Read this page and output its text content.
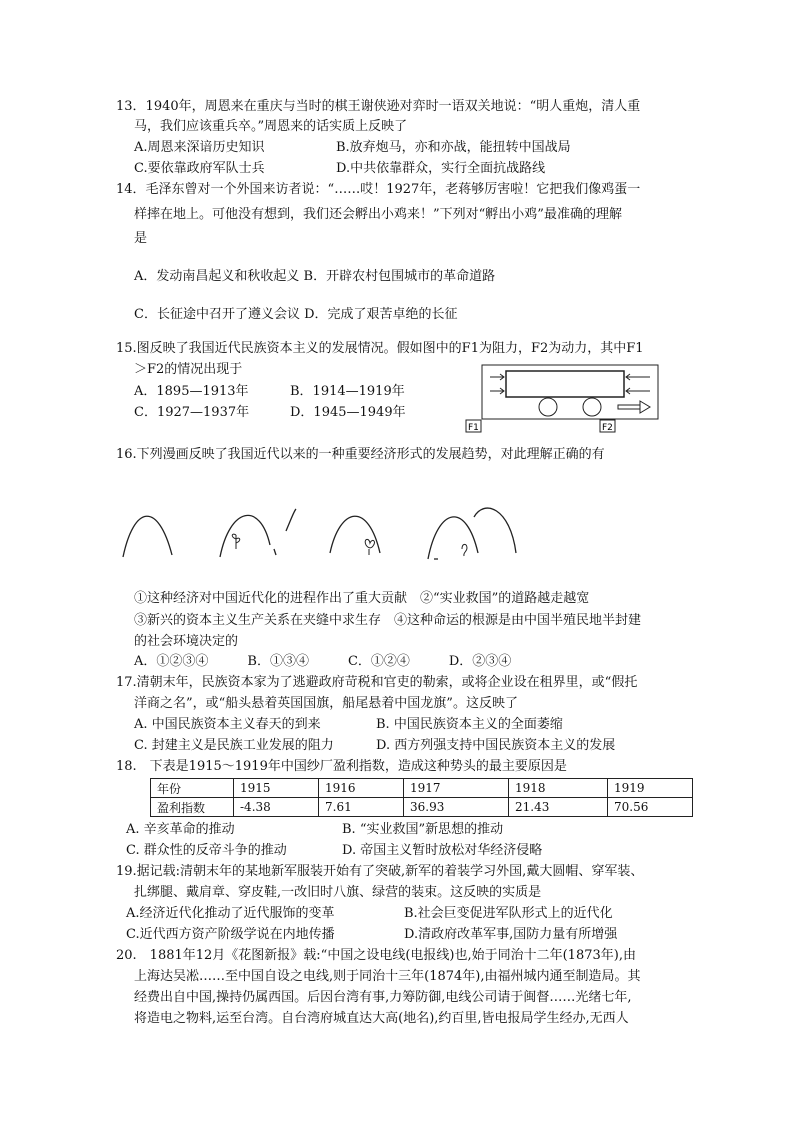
13．1940年，周恩来在重庆与当时的棋王谢侠逊对弈时一语双关地说：“明人重炮，清人重
马，我们应该重兵卒。”周恩来的话实质上反映了
A.周恩来深谙历史知识	B.放弃炮马，亦和亦战，能扭转中国战局
C.要依靠政府军队士兵	D.中共依靠群众，实行全面抗战路线
14．毛泽东曾对一个外国来访者说：“……哎！1927年，老蒋够厉害啦！它把我们像鸡蛋一
样摔在地上。可他没有想到，我们还会孵出小鸡来！”下列对“孵出小鸡”最准确的理解
是
A．发动南昌起义和秋收起义 B．开辟农村包围城市的革命道路
C．长征途中召开了遵义会议 D．完成了艰苦卓绝的长征
15.图反映了我国近代民族资本主义的发展情况。假如图中的F1为阻力，F2为动力，其中F1
＞F2的情况出现于
A．1895—1913年	B．1914—1919年
C．1927—1937年	D．1945—1949年
F1	F2
16.下列漫画反映了我国近代以来的一种重要经济形式的发展趋势，对此理解正确的有
①这种经济对中国近代化的进程作出了重大贡献　②“实业救国”的道路越走越宽
③新兴的资本主义生产关系在夹缝中求生存　④这种命运的根源是由中国半殖民地半封建
的社会环境决定的
A．①②③④　　　B．①③④　　　C．①②④　　　D．②③④
17.清朝末年，民族资本家为了逃避政府苛税和官吏的勒索，或将企业设在租界里，或“假托
洋商之名”，或“船头悬着英国国旗，船尾悬着中国龙旗”。这反映了
A. 中国民族资本主义春天的到来	B. 中国民族资本主义的全面萎缩
C. 封建主义是民族工业发展的阻力	D. 西方列强支持中国民族资本主义的发展
18.　下表是1915～1919年中国纱厂盈利指数，造成这种势头的最主要原因是
年份	1915	1916	1917	1918	1919
盈利指数	-4.38	7.61	36.93	21.43	70.56
A. 辛亥革命的推动	B. “实业救国”新思想的推动
C. 群众性的反帝斗争的推动	D. 帝国主义暂时放松对华经济侵略
19.据记载:清朝末年的某地新军服装开始有了突破,新军的着装学习外国,戴大圆帽、穿军装、
扎绑腿、戴肩章、穿皮鞋,一改旧时八旗、绿营的装束。这反映的实质是
A.经济近代化推动了近代服饰的变革	B.社会巨变促进军队形式上的近代化
C.近代西方资产阶级学说在内地传播	D.清政府改革军事,国防力量有所增强
20.　1881年12月《花图新报》载:“中国之设电线(电报线)也,始于同治十二年(1873年),由
上海达吴凇……至中国自设之电线,则于同治十三年(1874年),由福州城内通至制造局。其
经费出自中国,操持仍属西国。后因台湾有事,力筹防御,电线公司请于闽督……光绪七年,
将造电之物料,运至台湾。自台湾府城直达大高(地名),约百里,皆电报局学生经办,无西人
